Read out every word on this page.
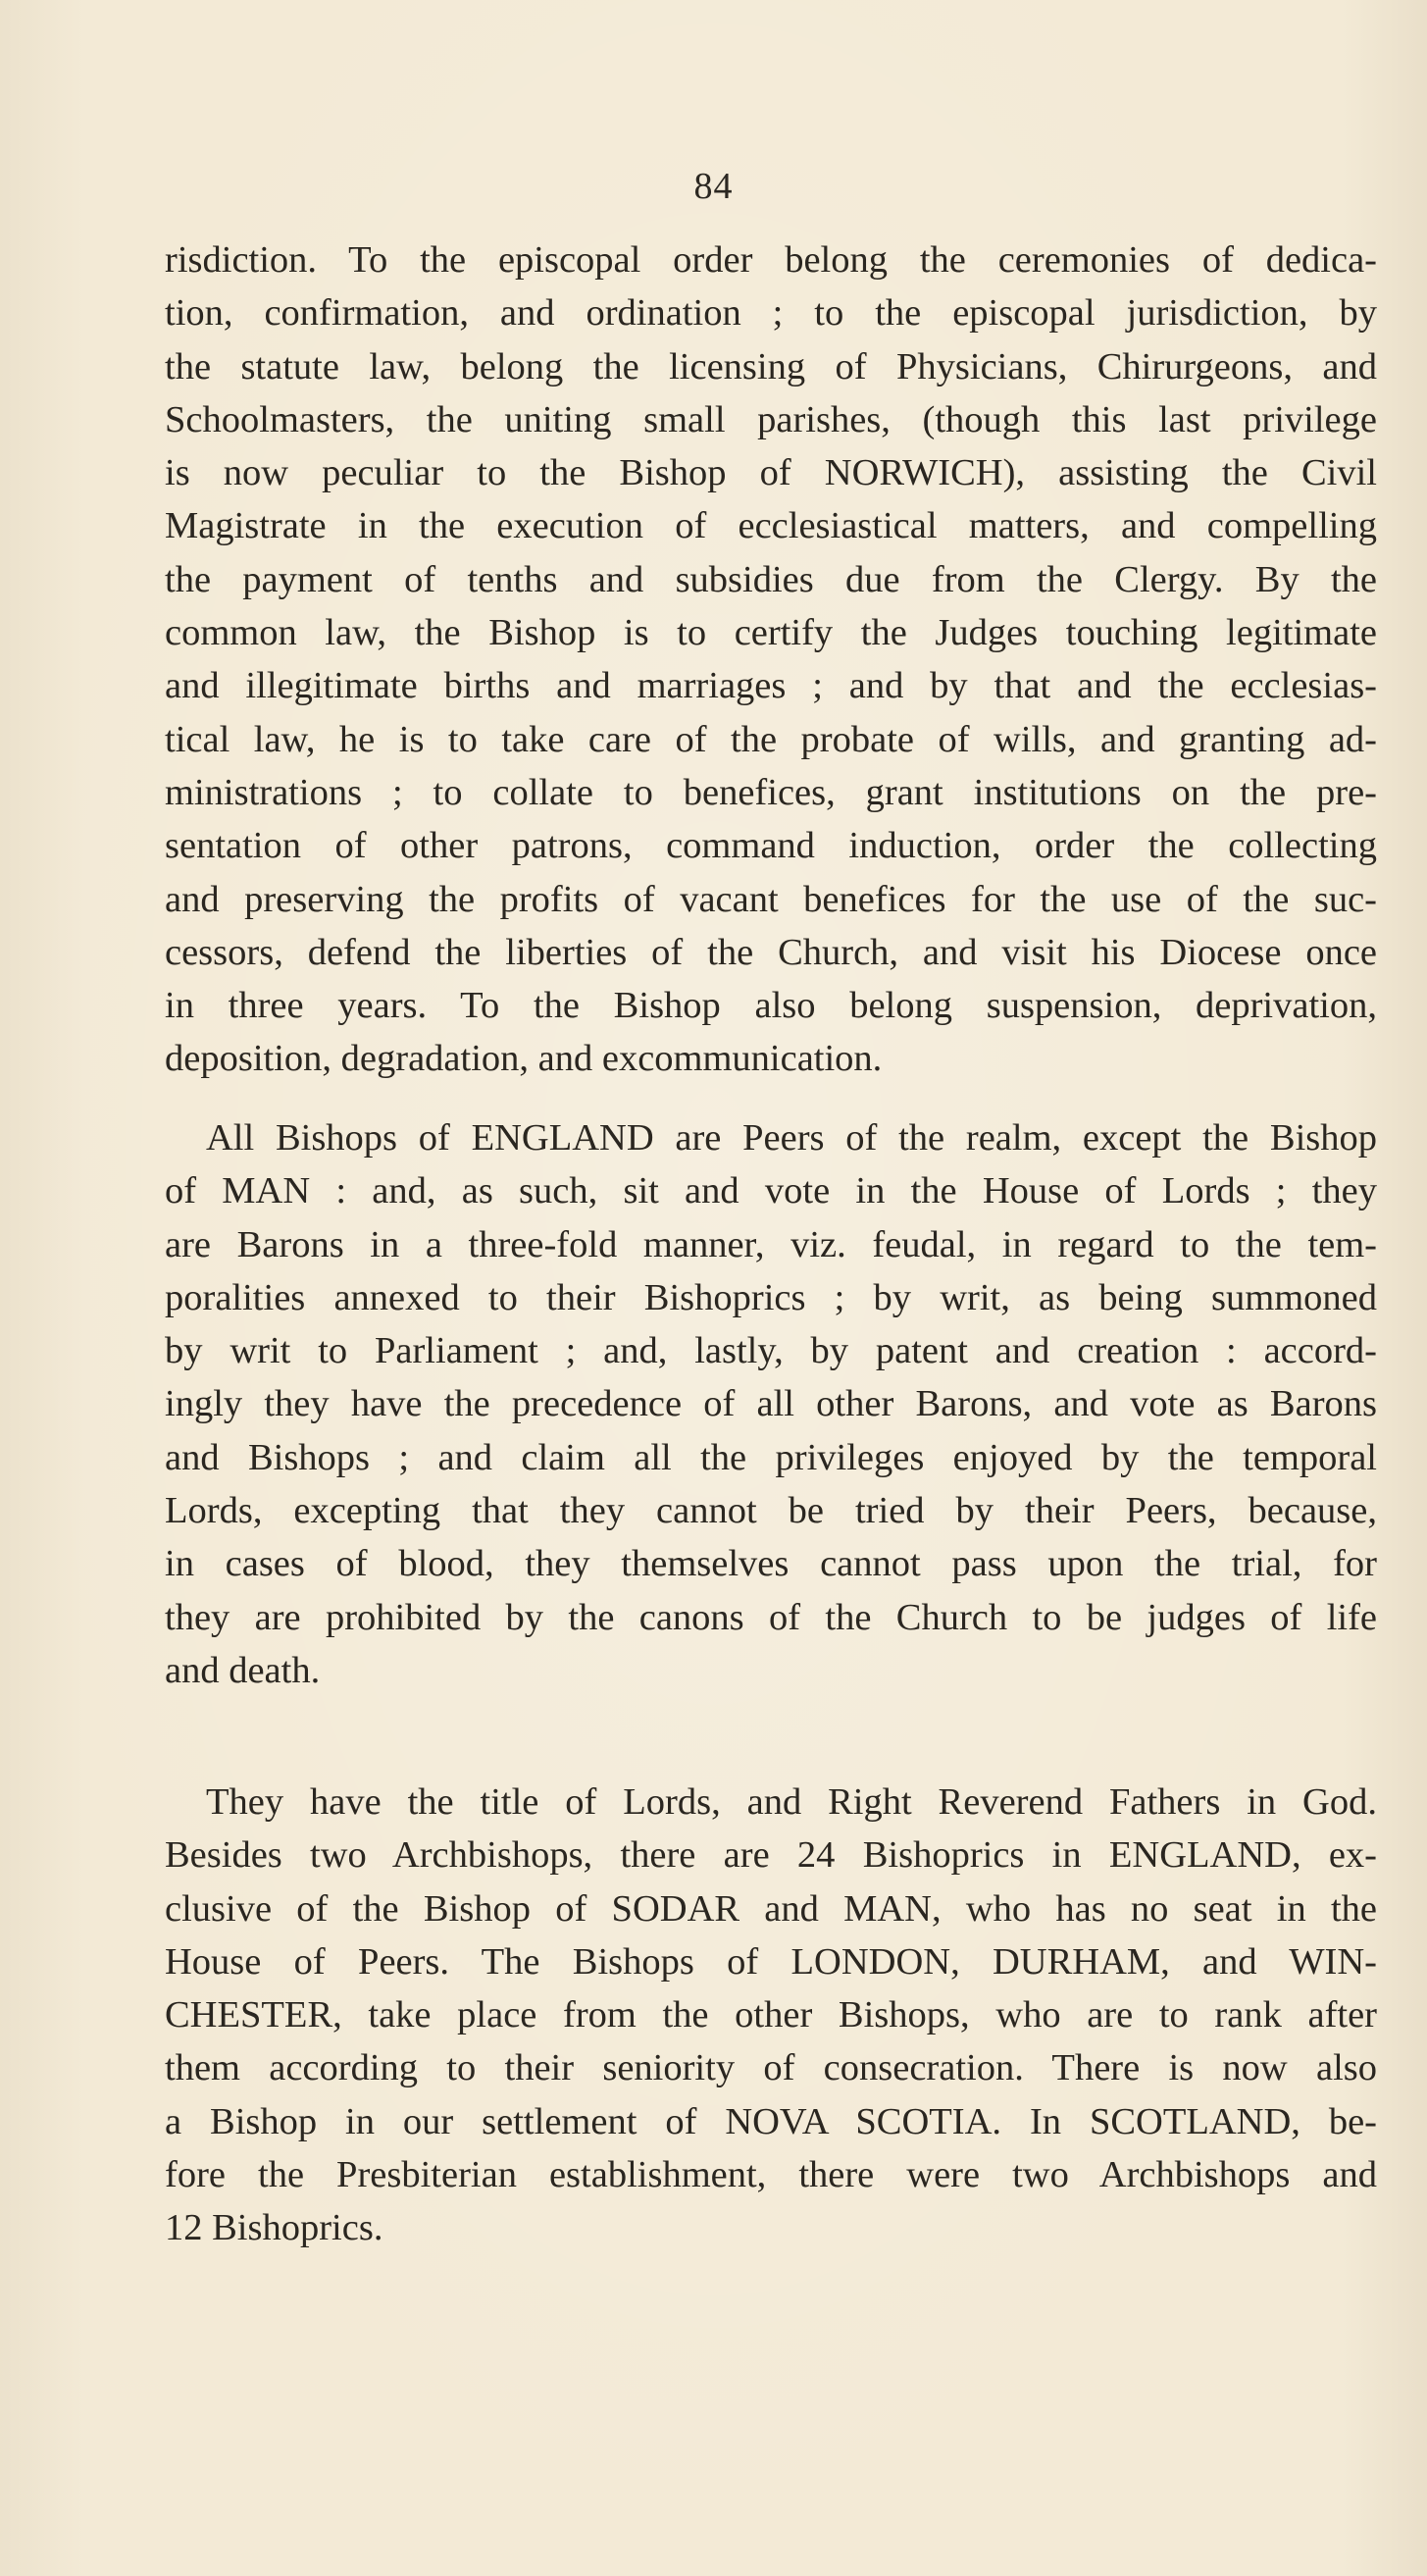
84
risdiction. To the episcopal order belong the ceremonies of dedica-
tion, confirmation, and ordination ; to the episcopal jurisdiction, by
the statute law, belong the licensing of Physicians, Chirurgeons, and
Schoolmasters, the uniting small parishes, (though this last privilege
is now peculiar to the Bishop of NORWICH), assisting the Civil
Magistrate in the execution of ecclesiastical matters, and compelling
the payment of tenths and subsidies due from the Clergy. By the
common law, the Bishop is to certify the Judges touching legitimate
and illegitimate births and marriages ; and by that and the ecclesias-
tical law, he is to take care of the probate of wills, and granting ad-
ministrations ; to collate to benefices, grant institutions on the pre-
sentation of other patrons, command induction, order the collecting
and preserving the profits of vacant benefices for the use of the suc-
cessors, defend the liberties of the Church, and visit his Diocese once
in three years. To the Bishop also belong suspension, deprivation,
deposition, degradation, and excommunication.
All Bishops of ENGLAND are Peers of the realm, except the Bishop
of MAN : and, as such, sit and vote in the House of Lords ; they
are Barons in a three-fold manner, viz. feudal, in regard to the tem-
poralities annexed to their Bishoprics ; by writ, as being summoned
by writ to Parliament ; and, lastly, by patent and creation : accord-
ingly they have the precedence of all other Barons, and vote as Barons
and Bishops ; and claim all the privileges enjoyed by the temporal
Lords, excepting that they cannot be tried by their Peers, because,
in cases of blood, they themselves cannot pass upon the trial, for
they are prohibited by the canons of the Church to be judges of life
and death.
They have the title of Lords, and Right Reverend Fathers in God.
Besides two Archbishops, there are 24 Bishoprics in ENGLAND, ex-
clusive of the Bishop of SODAR and MAN, who has no seat in the
House of Peers. The Bishops of LONDON, DURHAM, and WIN-
CHESTER, take place from the other Bishops, who are to rank after
them according to their seniority of consecration. There is now also
a Bishop in our settlement of NOVA SCOTIA. In SCOTLAND, be-
fore the Presbiterian establishment, there were two Archbishops and
12 Bishoprics.
